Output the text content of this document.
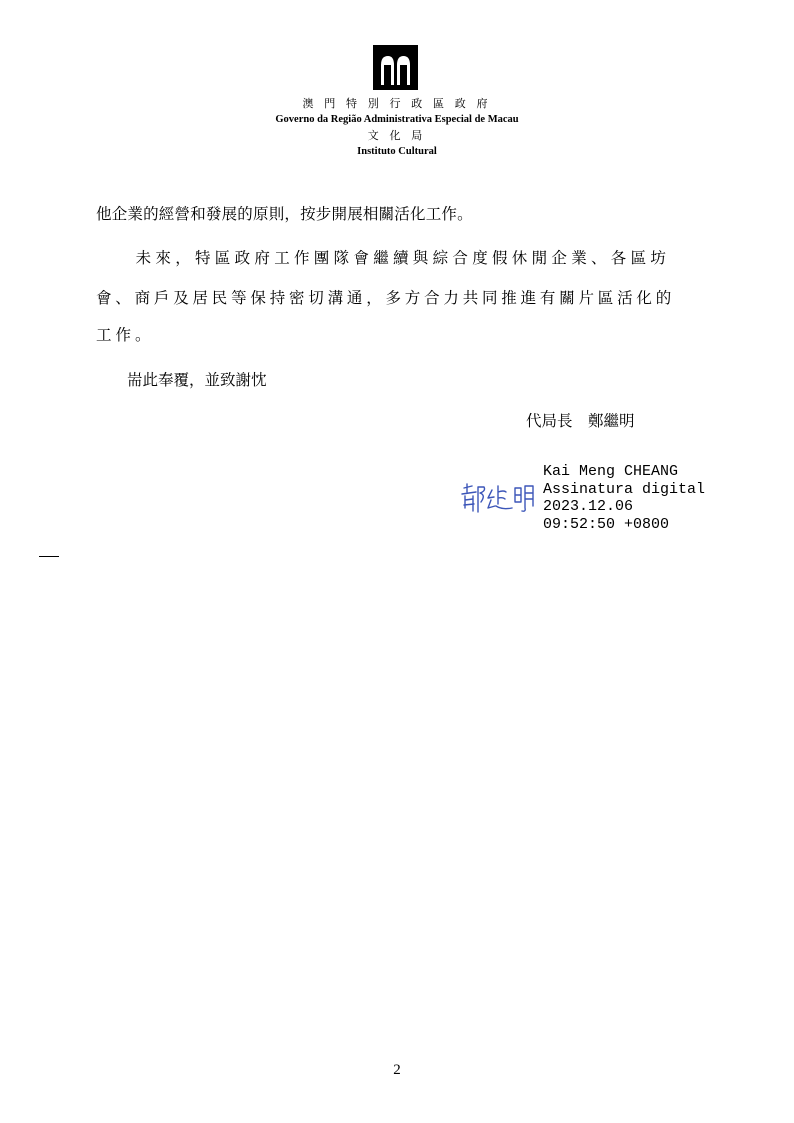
澳 門 特 別 行 政 區 政 府
Governo da Região Administrativa Especial de Macau
文 化 局
Instituto Cultural
他企業的經營和發展的原則，按步開展相關活化工作。
　　未來，特區政府工作團隊會繼續與綜合度假休閒企業、各區坊
會、商戶及居民等保持密切溝通，多方合力共同推進有關片區活化的
工作。
　　耑此奉覆，並致謝忱
代局長　鄭繼明
Kai Meng CHEANG
Assinatura digital
2023.12.06
09:52:50 +0800
2
